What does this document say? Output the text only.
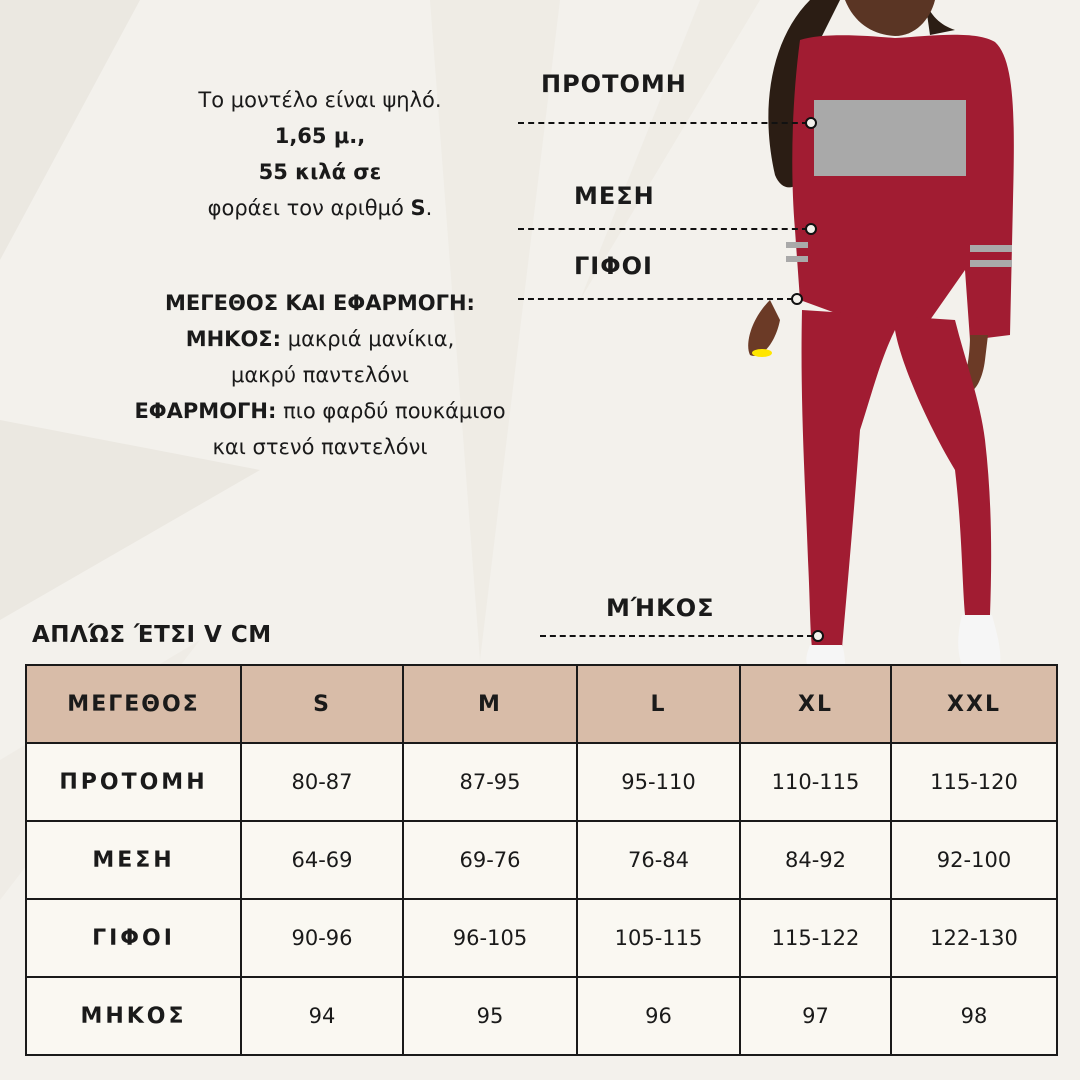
Το μοντέλο είναι ψηλό.
1,65 μ.,
55 κιλά σε
φοράει τον αριθμό S.
ΜΕΓΕΘΟΣ ΚΑΙ ΕΦΑΡΜΟΓΗ:
ΜΗΚΟΣ: μακριά μανίκια,
μακρύ παντελόνι
ΕΦΑΡΜΟΓΗ: πιο φαρδύ πουκάμισο
και στενό παντελόνι
ΠΡΟΤΟΜΗ
ΜΕΣΗ
ΓΙΦΟΙ
ΜΉΚΟΣ
ΑΠΛΏΣ ΈΤΣΙ V CM
ΜΕΓΕΘΟΣ	S	M	L	XL	XXL
ΠΡΟΤΟΜΗ	80-87	87-95	95-110	110-115	115-120
ΜΕΣΗ	64-69	69-76	76-84	84-92	92-100
ΓΙΦΟΙ	90-96	96-105	105-115	115-122	122-130
ΜΗΚΟΣ	94	95	96	97	98
